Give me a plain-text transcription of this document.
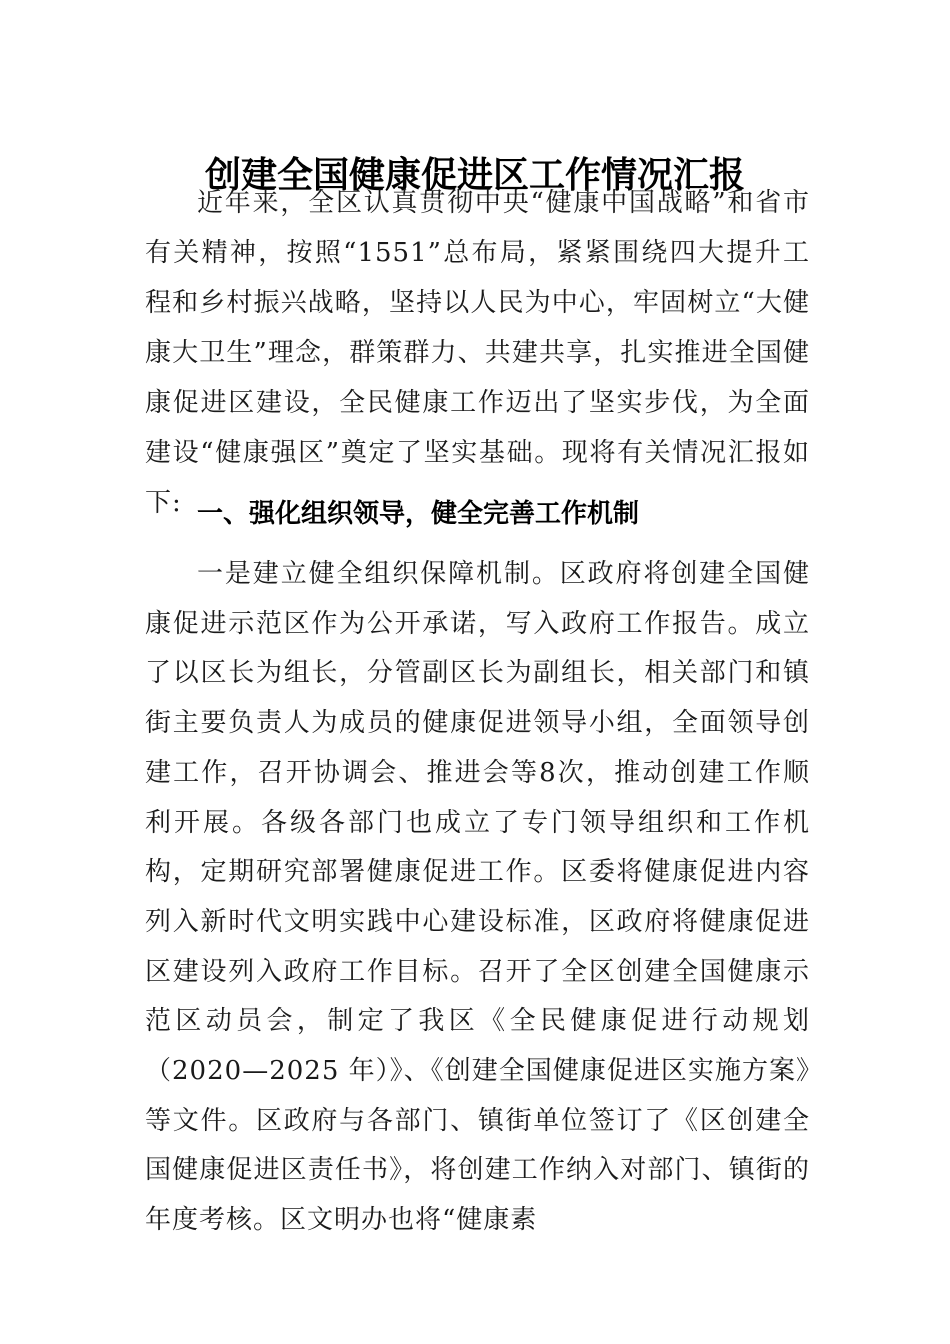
创建全国健康促进区工作情况汇报

近年来，全区认真贯彻中央“健康中国战略”和省市有关精神，按照“1551”总布局，紧紧围绕四大提升工程和乡村振兴战略，坚持以人民为中心，牢固树立“大健康大卫生”理念，群策群力、共建共享，扎实推进全国健康促进区建设，全民健康工作迈出了坚实步伐，为全面建设“健康强区”奠定了坚实基础。现将有关情况汇报如下: 一、强化组织领导，健全完善工作机制

一是建立健全组织保障机制。区政府将创建全国健康促进示范区作为公开承诺，写入政府工作报告。成立了以区长为组长，分管副区长为副组长，相关部门和镇街主要负责人为成员的健康促进领导小组，全面领导创建工作，召开协调会、推进会等8次，推动创建工作顺利开展。各级各部门也成立了专门领导组织和工作机构，定期研究部署健康促进工作。区委将健康促进内容列入新时代文明实践中心建设标准，区政府将健康促进区建设列入政府工作目标。召开了全区创建全国健康示范区动员会，制定了我区《全民健康促进行动规划（2020—2025 年）》、《创建全国健康促进区实施方案》等文件。区政府与各部门、镇街单位签订了《区创建全国健康促进区责任书》，将创建工作纳入对部门、镇街的年度考核。区文明办也将“健康素
